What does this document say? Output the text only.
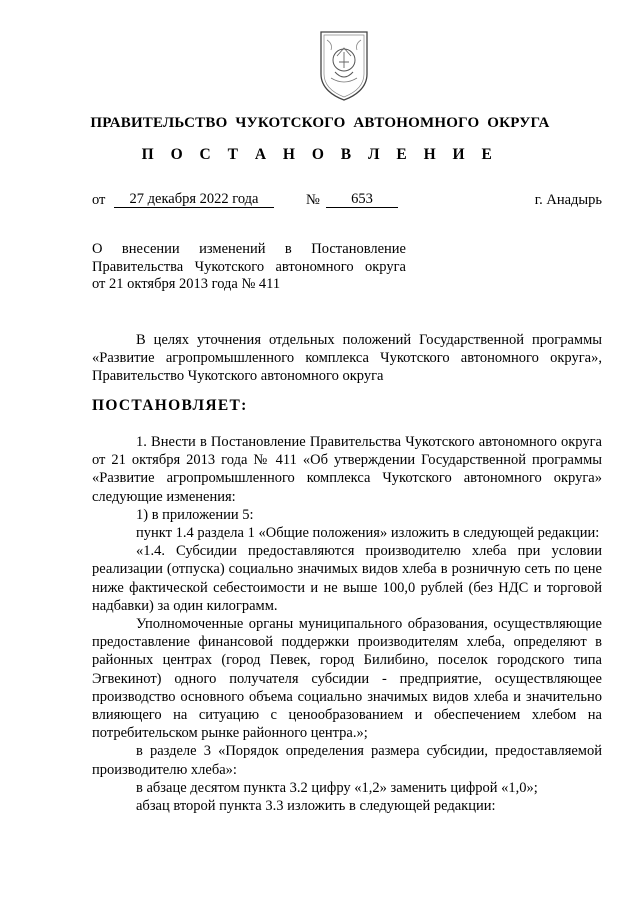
ПРАВИТЕЛЬСТВО ЧУКОТСКОГО АВТОНОМНОГО ОКРУГА
П О С Т А Н О В Л Е Н И Е
от	27 декабря 2022 года	№	653	г. Анадырь
О внесении изменений в Постановление
Правительства Чукотского автономного округа
от 21 октября 2013 года № 411

В целях уточнения отдельных положений Государственной программы «Развитие агропромышленного комплекса Чукотского автономного округа», Правительство Чукотского автономного округа

ПОСТАНОВЛЯЕТ:

1. Внести в Постановление Правительства Чукотского автономного округа от 21 октября 2013 года № 411 «Об утверждении Государственной программы «Развитие агропромышленного комплекса Чукотского автономного округа» следующие изменения:

1) в приложении 5:

пункт 1.4 раздела 1 «Общие положения» изложить в следующей редакции:

«1.4. Субсидии предоставляются производителю хлеба при условии реализации (отпуска) социально значимых видов хлеба в розничную сеть по цене ниже фактической себестоимости и не выше 100,0 рублей (без НДС и торговой надбавки) за один килограмм.

Уполномоченные органы муниципального образования, осуществляющие предоставление финансовой поддержки производителям хлеба, определяют в районных центрах (город Певек, город Билибино, поселок городского типа Эгвекинот) одного получателя субсидии - предприятие, осуществляющее производство основного объема социально значимых видов хлеба и значительно влияющего на ситуацию с ценообразованием и обеспечением хлебом на потребительском рынке районного центра.»;

в разделе 3 «Порядок определения размера субсидии, предоставляемой производителю хлеба»:

в абзаце десятом пункта 3.2 цифру «1,2» заменить цифрой «1,0»;

абзац второй пункта 3.3 изложить в следующей редакции:
